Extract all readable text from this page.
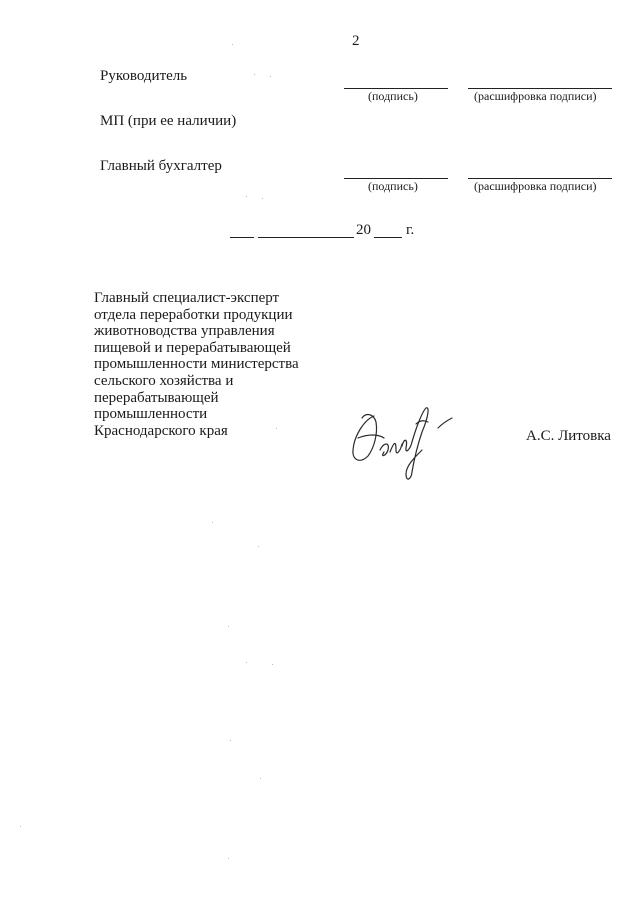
2
Руководитель
(подпись)	(расшифровка подписи)
МП (при ее наличии)
Главный бухгалтер
(подпись)	(расшифровка подписи)
20 г.
Главный специалист-эксперт
отдела переработки продукции
животноводства управления
пищевой и перерабатывающей
промышленности министерства
сельского хозяйства и
перерабатывающей
промышленности
Краснодарского края	А.С. Литовка
